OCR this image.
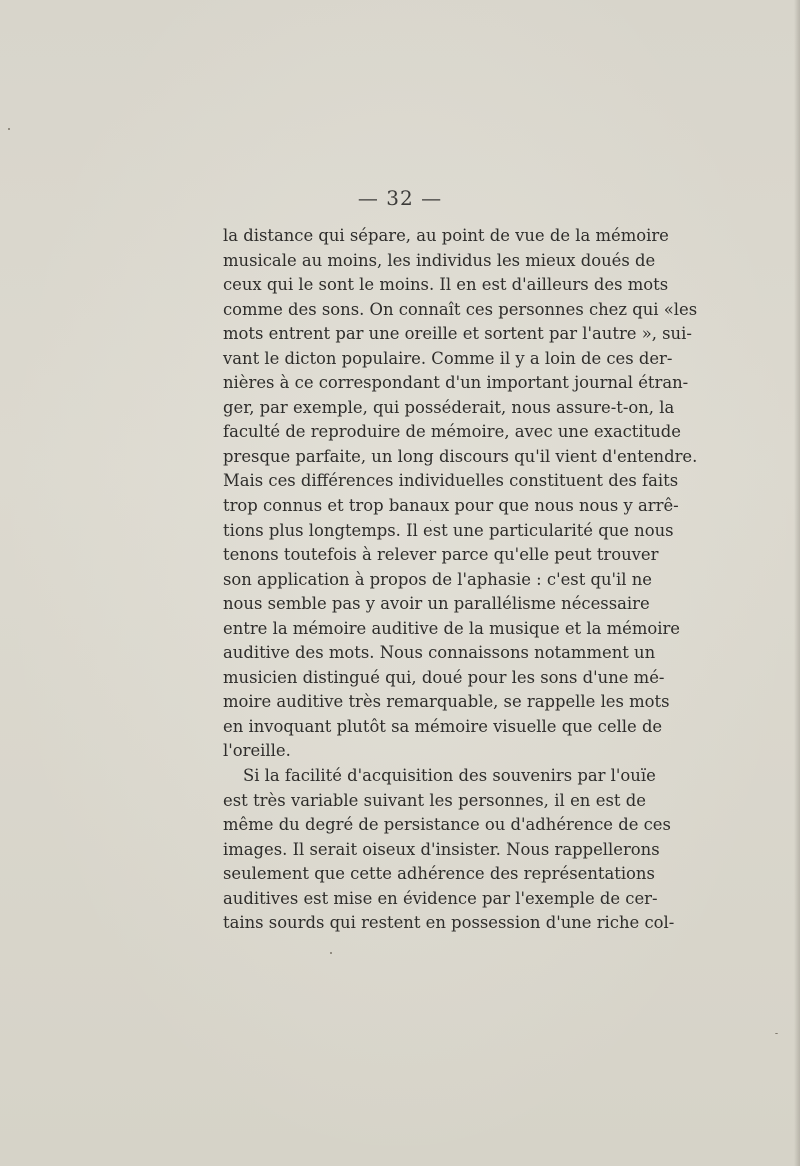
— 32 —
la distance qui sépare, au point de vue de la mémoire
musicale au moins, les individus les mieux doués de
ceux qui le sont le moins. Il en est d'ailleurs des mots
comme des sons. On connaît ces personnes chez qui «les
mots entrent par une oreille et sortent par l'autre », sui-
vant le dicton populaire. Comme il y a loin de ces der-
nières à ce correspondant d'un important journal étran-
ger, par exemple, qui posséderait, nous assure-t-on, la
faculté de reproduire de mémoire, avec une exactitude
presque parfaite, un long discours qu'il vient d'entendre.
Mais ces différences individuelles constituent des faits
trop connus et trop banaux pour que nous nous y arrê-
tions plus longtemps. Il est une particularité que nous
tenons toutefois à relever parce qu'elle peut trouver
son application à propos de l'aphasie : c'est qu'il ne
nous semble pas y avoir un parallélisme nécessaire
entre la mémoire auditive de la musique et la mémoire
auditive des mots. Nous connaissons notamment un
musicien distingué qui, doué pour les sons d'une mé-
moire auditive très remarquable, se rappelle les mots
en invoquant plutôt sa mémoire visuelle que celle de
l'oreille.
Si la facilité d'acquisition des souvenirs par l'ouïe
est très variable suivant les personnes, il en est de
même du degré de persistance ou d'adhérence de ces
images. Il serait oiseux d'insister. Nous rappellerons
seulement que cette adhérence des représentations
auditives est mise en évidence par l'exemple de cer-
tains sourds qui restent en possession d'une riche col-
